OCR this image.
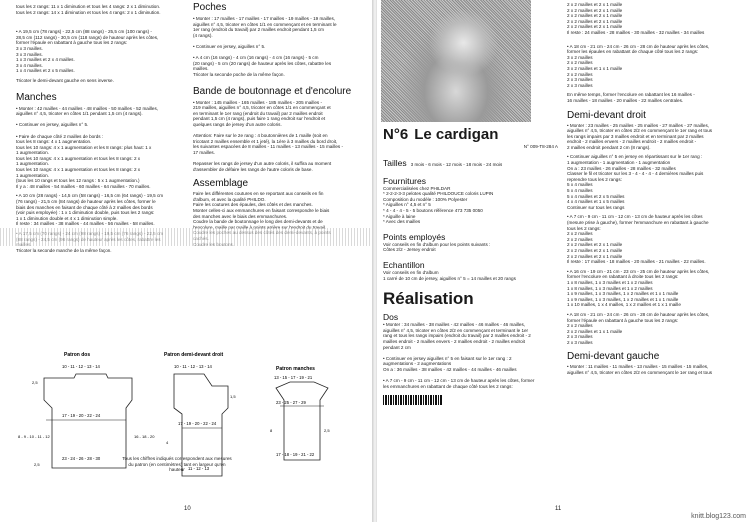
tous les 2 rangs: 11 x 1 diminution et tous les 4 rangs: 2 x 1 diminution.
tous les 2 rangs: 14 x 1 diminution et tous les 4 rangs: 2 x 1 diminution.
• A 19,5 cm (78 rangs) - 22,5 cm (88 rangs) - 25,5 cm (100 rangs) -
28,5 cm (112 rangs) - 30,5 cm (118 rangs) de hauteur après les côtes,
former l'épaule en rabattant à gauche tous les 2 rangs:
3 x 3 mailles.
3 x 3 mailles.
1 x 3 mailles et 2 x 4 mailles.
3 x 4 mailles.
1 x 4 mailles et 2 x 5 mailles.
Tricoter le demi-devant gauche en sens inverse.
Manches
• Monter : 42 mailles - 44 mailles - 48 mailles - 50 mailles - 52 mailles,
aiguilles n° 4,5, tricoter en côtes 1/1 pendant 1,5 cm (4 rangs).

• Continuer en jersey, aiguilles n° 5.

• Faire de chaque côté 2 mailles de bords :
tous les 8 rangs: 4 x 1 augmentation.
tous les 10 rangs: 4 x 1 augmentation et les 8 rangs: plus haut: 1 x
1 augmentation.
tous les 10 rangs: 4 x 1 augmentation et tous les 8 rangs: 2 x
1 augmentation.
tous les 10 rangs: 4 x 1 augmentation et tous les 8 rangs: 2 x
1 augmentation.
(tous les 10 rangs et tous les 12 rangs : 5 x 1 augmentation.)
Il y a : 48 mailles - 54 mailles - 60 mailles - 64 mailles - 70 mailles.
• A 10 cm (28 rangs) - 14,5 cm (58 rangs) - 16,5 cm (64 rangs) - 19,5 cm
(76 rangs) - 21,5 cm (84 rangs) de hauteur après les côtes, former le
biais des manches en faisant de chaque côté à 2 mailles des bords
(voir puis employée) : 1 x 1 diminution double, puis tous les 2 rangs:
1 x 1 diminution double et 4 x 1 diminution simple.
Il reste : 34 mailles - 38 mailles - 44 mailles - 56 mailles - 58 mailles.
Tricoter la seconde manche de la même façon.
Poches
• Monter : 17 mailles - 17 mailles - 17 mailles - 19 mailles - 19 mailles,
aiguilles n° 4,5, tricoter en côtes 1/1 en commençant et en terminant le
1er rang (endroit du travail) par 2 mailles endroit pendant 1,5 cm
(4 rangs).

• Continuer en jersey, aiguilles n° 5.

• A 4 cm (16 rangs) - 4 cm (16 rangs) - 4 cm (16 rangs) - 5 cm
(20 rangs) - 5 cm (20 rangs) de hauteur après les côtes, rabattre les
mailles.
Tricoter la seconde poche de la même façon.
Bande de boutonnage et d'encolure
• Monter : 145 mailles - 165 mailles - 185 mailles - 205 mailles -
219 mailles, aiguilles n° 4,5, tricoter en côtes 1/1 en commençant et
en terminant le 1er rang (endroit du travail) par 2 mailles endroit
pendant 1,5 cm (4 rangs), puis faire 1 rang endroit sur l'endroit et
quelques rangs de jersey d'un autre coloris.

Attention: Faire sur le 2e rang : 4 boutonnières de 1 maille (soit en
tricotant 2 mailles ensemble et 1 jeté), la 1ère à 3 mailles du bord droit,
les suivantes espacées de 8 mailles - 11 mailles - 13 mailles - 15 mailles -
17 mailles.

Repasser les rangs de jersey d'un autre coloris, il suffira au moment
d'assembler de défaire les rangs de l'autre coloris de base.
Assemblage
Faire les différentes coutures en se reportant aux conseils en fin
d'album, et avec la qualité PHILDO.
Faire les coutures des épaules, des côtés et des manches.
Monter celles-ci aux emmanchures en faisant correspondre le biais
des manches avec le biais des emmanchures.
Coudre la bande de boutonnage le long des demi-devants et de
Patron dos
10 - 11 - 12 - 13 - 14
17 - 19 - 20 - 22 - 24
23 - 24 - 26 - 28 - 30
2,5
8 - 9 - 10 - 11 - 12
2,5
16 - 18 - 20
Patron demi-devant droit
10 - 11 - 12 - 13 - 14
17 - 19 - 20 - 22 - 24
11 - 12 - 13
4
1,5
Patron manches
13 - 15 - 17 - 19 - 21
23 - 25 - 27 - 29
17 - 18 - 19 - 21 - 22
8	2,5
Tous les chiffres indiqués correspondent aux mesures du patron (en centimètres) tant en largeur qu'en hauteur
10
N°6 Le cardigan
N° 009-T8-284 A
Tailles 3 mois - 6 mois - 12 mois - 18 mois - 24 mois
Fournitures
Commercialisées chez PHILDAR
* 2-2-2-3-3 pelotes qualité PHILDOUCE coloris LUPIN
Composition du modèle : 100% Polyester
* Aiguilles n° 4,5 et n° 5
* 4 - 4 - 4 - 5 - 5 boutons référence 473 735 0050
* Aiguille à laine
* Avec des mailles
Points employés
Voir conseils en fin d'album pour les points suivants :
Côtes 2/2 - Jersey endroit
Echantillon
Voir conseils en fin d'album
1 carré de 10 cm de jersey, aiguilles n° 5 = 14 mailles et 20 rangs
Réalisation
Dos
• Monter : 34 mailles - 38 mailles - 42 mailles - 46 mailles - 46 mailles,
aiguilles n° 4,5, tricoter en côtes 2/2 en commençant et terminant le 1er
rang et tous les rangs impairs (endroit du travail) par 2 mailles endroit - 2
mailles endroit - 2 mailles envers - 2 mailles endroit - 2 mailles endroit
pendant 2 cm

• Continuer en jersey aiguilles n° 5 en faisant sur le 1er rang : 2
augmentations - 2 augmentations
On a : 36 mailles - 38 mailles - 42 mailles - 44 mailles - 46 mailles

• A 7 cm - 9 cm - 11 cm - 12 cm - 13 cm de hauteur après les côtes, former
les emmanchures en rabattant de chaque côté tous les 2 rangs:
2 x 2 mailles et 2 x 1 maille
2 x 2 mailles et 2 x 1 maille
2 x 2 mailles et 2 x 1 maille
2 x 2 mailles et 2 x 1 maille
2 x 2 mailles et 2 x 1 maille
Il reste : 24 mailles - 28 mailles - 30 mailles - 32 mailles - 34 mailles
• A 18 cm - 21 cm - 24 cm - 26 cm - 28 cm de hauteur après les côtes,
former les épaules en rabattant de chaque côté tous les 2 rangs:
3 x 2 mailles
2 x 2 mailles
3 x 2 mailles et 1 x 1 maille
2 x 2 mailles
2 x 3 mailles
2 x 3 mailles
En même temps, former l'encolure en rabattant les 16 mailles -
16 mailles - 18 mailles - 20 mailles - 22 mailles centrales.
Demi-devant droit
• Monter : 23 mailles - 25 mailles - 25 mailles - 27 mailles - 27 mailles,
aiguilles n° 4,5, tricoter en côtes 2/2 en commençant le 1er rang et tous
les rangs impairs par 3 mailles endroit et en terminant par 2 mailles
endroit - 2 mailles envers - 2 mailles endroit - 2 mailles endroit -
2 mailles endroit pendant 2 cm (8 rangs).
• Continuer aiguilles n° 5 en jersey en répartissant sur le 1er rang :
1 augmentation - 1 augmentation - 1 augmentation
On a : 23 mailles - 26 mailles - 28 mailles - 32 mailles
Classer le fil et tricoter sur les 3 - 4 - 4 - 4 - 4 dernières mailles puis
reprendre tous les 2 rangs:
5 x 4 mailles
5 x 4 mailles
5 x 4 mailles et 2 x 5 mailles
4 x 4 mailles et 1 x 5 mailles
Continuer sur tous les rangs
• A 7 cm - 9 cm - 11 cm - 12 cm - 13 cm de hauteur après les côtes
(mesure prise à gauche), former l'emmanchure en rabattant à gauche
tous les 2 rangs:
2 x 2 mailles
2 x 2 mailles
2 x 2 mailles et 2 x 1 maille
2 x 2 mailles et 2 x 1 maille
2 x 2 mailles et 2 x 1 maille
Il reste : 17 mailles - 18 mailles - 20 mailles - 21 mailles - 22 mailles.
• A 16 cm - 19 cm - 21 cm - 23 cm - 25 cm de hauteur après les côtes,
former l'encolure en rabattant à droite tous les 2 rangs:
1 x 8 mailles, 1 x 3 mailles et 1 x 2 mailles
1 x 8 mailles, 1 x 3 mailles et 1 x 2 mailles
1 x 9 mailles, 1 x 3 mailles, 1 x 2 mailles et 1 x 1 maille
1 x 9 mailles, 1 x 3 mailles, 1 x 2 mailles et 1 x 1 maille
1 x 10 mailles, 1 x 4 mailles, 1 x 2 mailles et 1 x 1 maille
• A 18 cm - 21 cm - 24 cm - 26 cm - 28 cm de hauteur après les côtes,
former l'épaule en rabattant à gauche tous les 2 rangs:
2 x 2 mailles
2 x 2 mailles et 1 x 1 maille
2 x 3 mailles
2 x 3 mailles
Demi-devant gauche
• Monter : 11 mailles - 11 mailles - 13 mailles - 15 mailles - 15 mailles,
aiguilles n° 4,5, tricoter en côtes 2/2 en commençant le 1er rang et tous
11
knitt.blog123.com
